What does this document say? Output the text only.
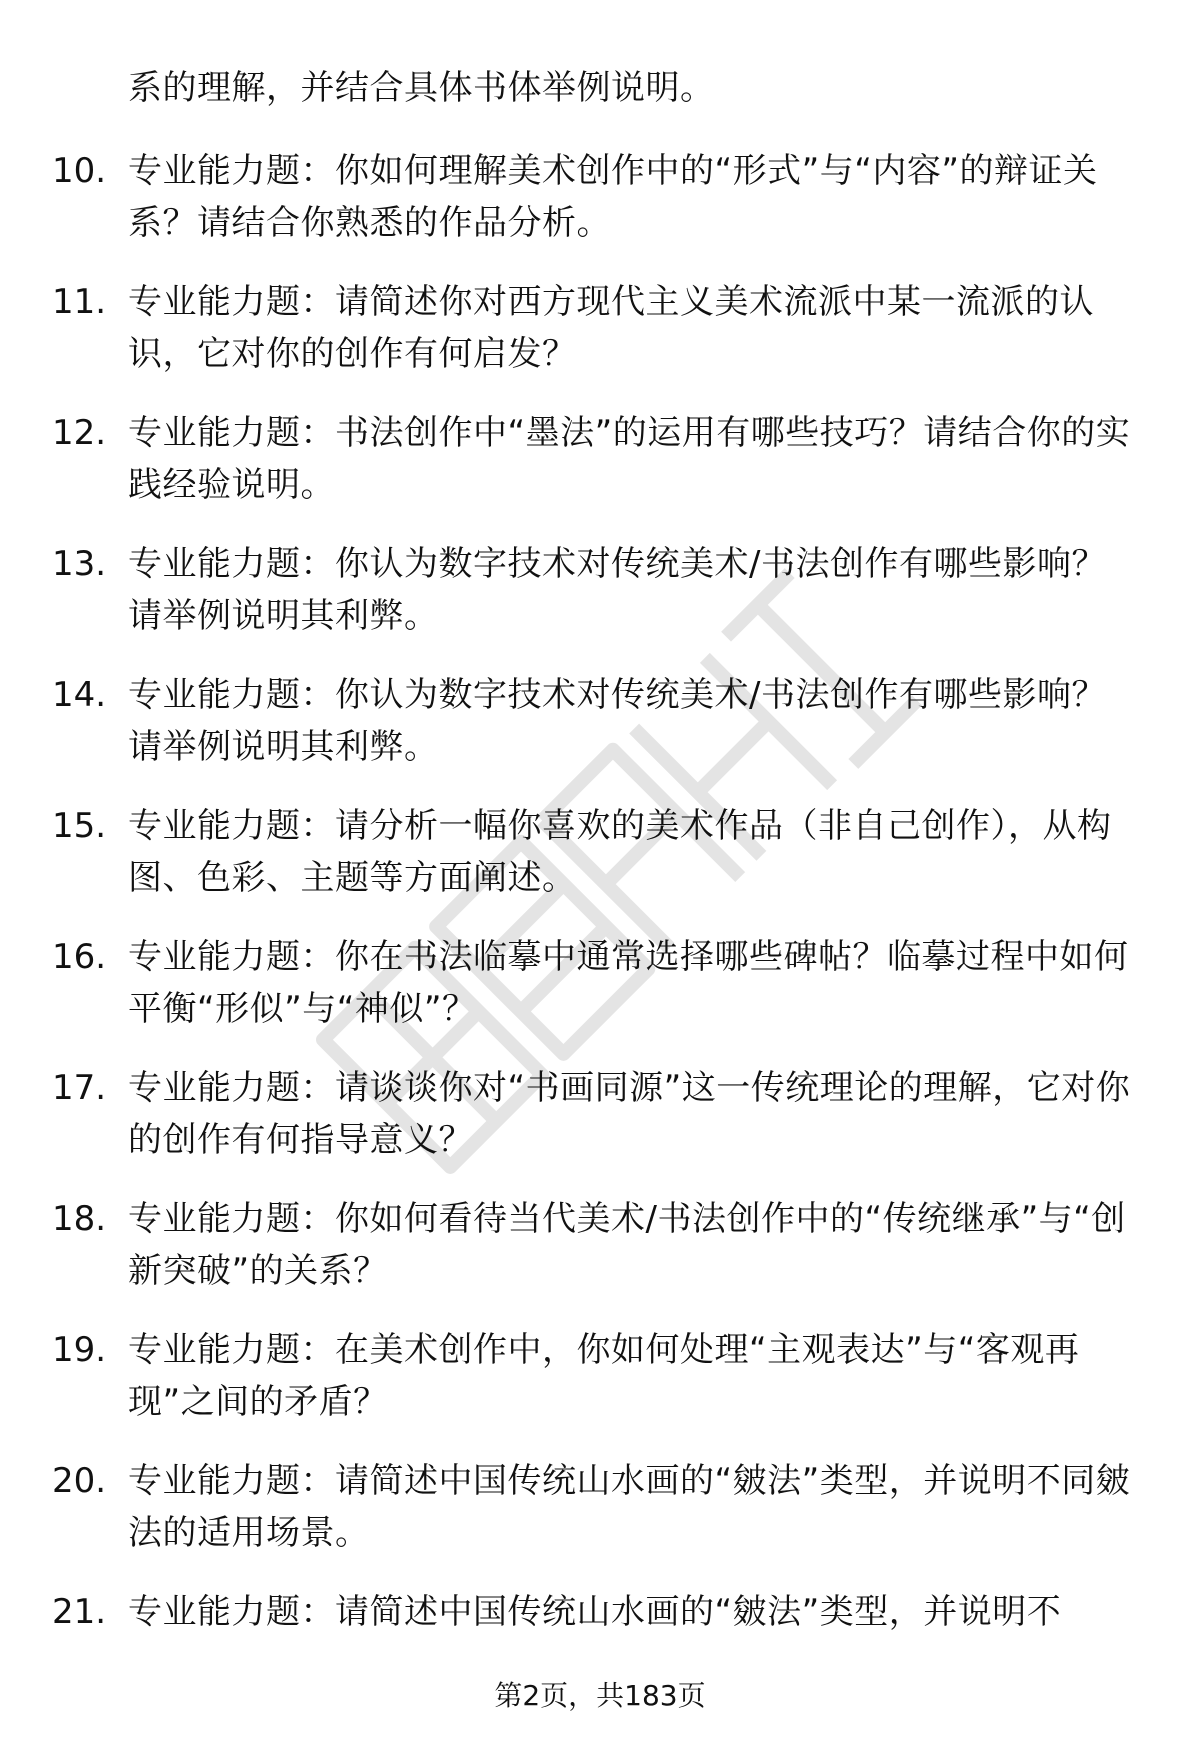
系的理解，并结合具体书体举例说明。
10. 专业能力题：你如何理解美术创作中的“形式”与“内容”的辩证关系？请结合你熟悉的作品分析。
11. 专业能力题：请简述你对西方现代主义美术流派中某一流派的认识，它对你的创作有何启发？
12. 专业能力题：书法创作中“墨法”的运用有哪些技巧？请结合你的实践经验说明。
13. 专业能力题：你认为数字技术对传统美术/书法创作有哪些影响？请举例说明其利弊。
14. 专业能力题：你认为数字技术对传统美术/书法创作有哪些影响？请举例说明其利弊。
15. 专业能力题：请分析一幅你喜欢的美术作品（非自己创作），从构图、色彩、主题等方面阐述。
16. 专业能力题：你在书法临摹中通常选择哪些碑帖？临摹过程中如何平衡“形似”与“神似”？
17. 专业能力题：请谈谈你对“书画同源”这一传统理论的理解，它对你的创作有何指导意义？
18. 专业能力题：你如何看待当代美术/书法创作中的“传统继承”与“创新突破”的关系？
19. 专业能力题：在美术创作中，你如何处理“主观表达”与“客观再现”之间的矛盾？
20. 专业能力题：请简述中国传统山水画的“皴法”类型，并说明不同皴法的适用场景。
21. 专业能力题：请简述中国传统山水画的“皴法”类型，并说明不
第2页，共183页
